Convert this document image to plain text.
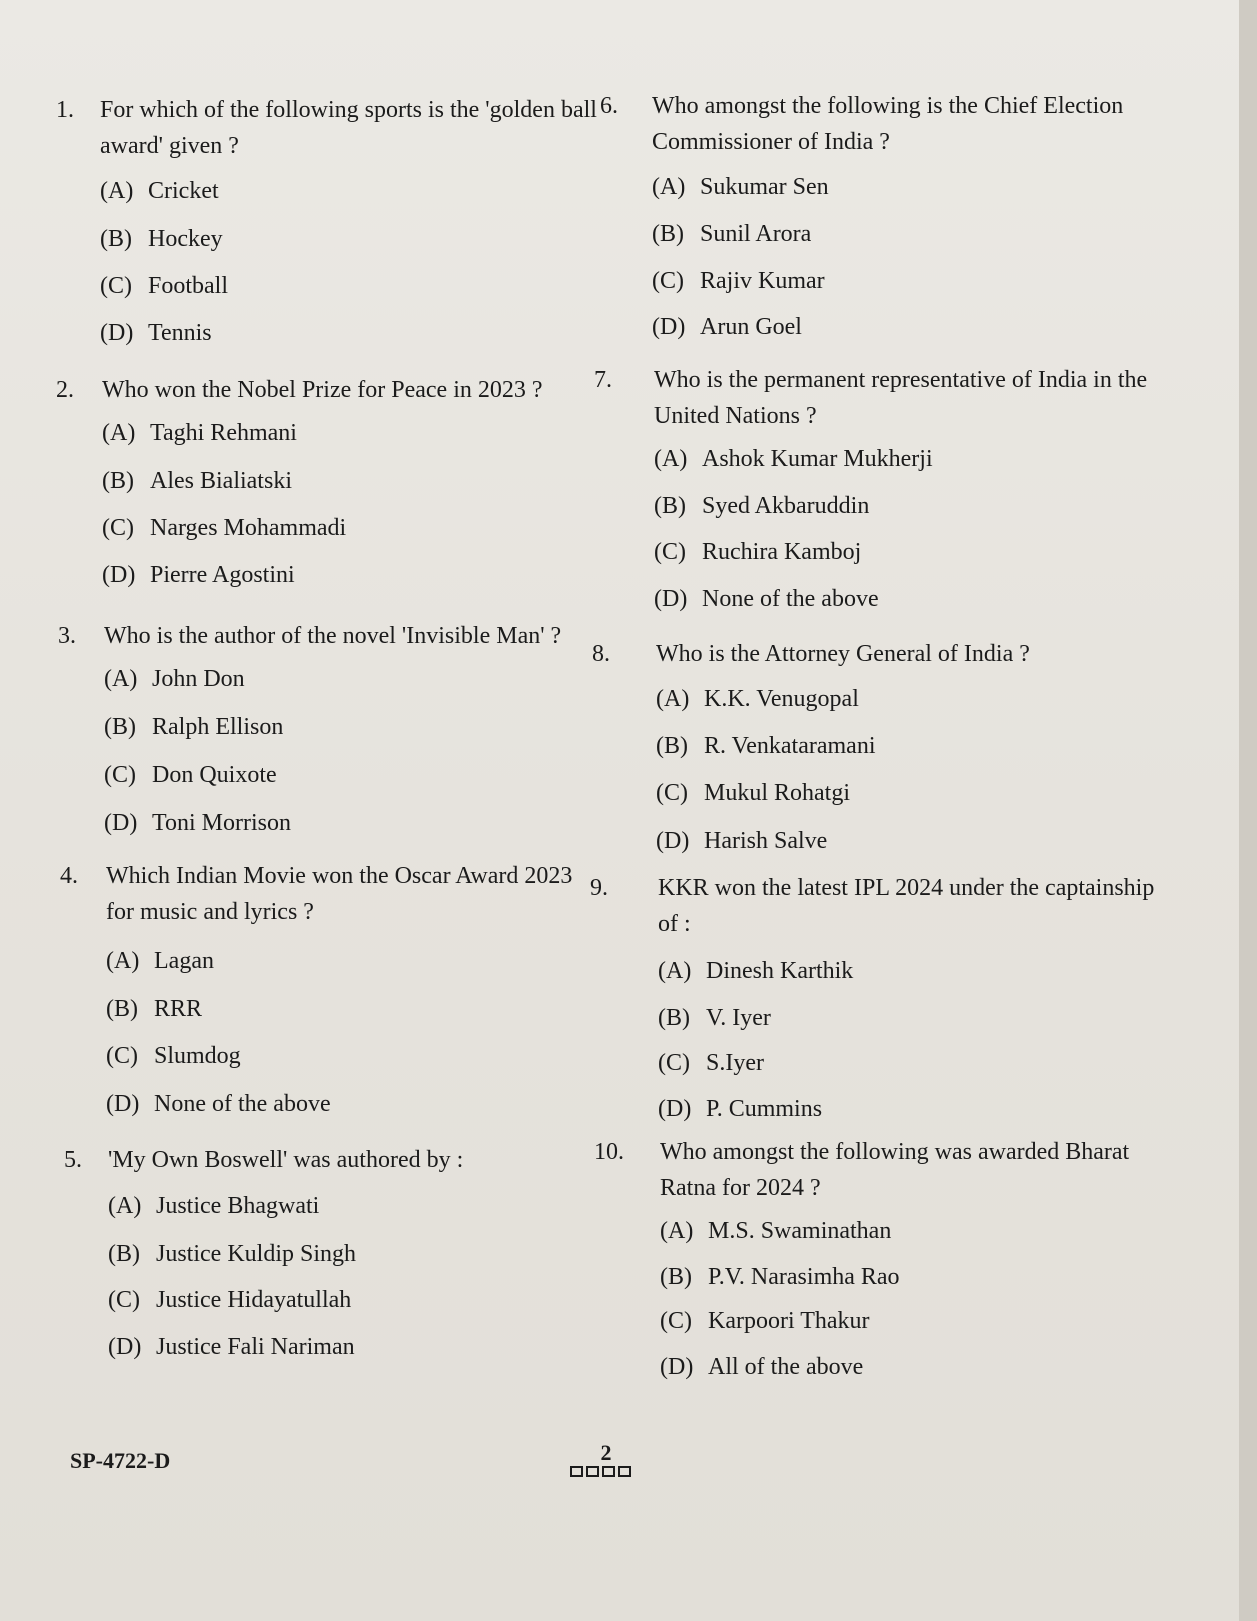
1. For which of the following sports is the 'golden ball award' given ?
(A) Cricket
(B) Hockey
(C) Football
(D) Tennis
2. Who won the Nobel Prize for Peace in 2023 ?
(A) Taghi Rehmani
(B) Ales Bialiatski
(C) Narges Mohammadi
(D) Pierre Agostini
3. Who is the author of the novel 'Invisible Man' ?
(A) John Don
(B) Ralph Ellison
(C) Don Quixote
(D) Toni Morrison
4. Which Indian Movie won the Oscar Award 2023 for music and lyrics ?
(A) Lagan
(B) RRR
(C) Slumdog
(D) None of the above
5. 'My Own Boswell' was authored by :
(A) Justice Bhagwati
(B) Justice Kuldip Singh
(C) Justice Hidayatullah
(D) Justice Fali Nariman
6. Who amongst the following is the Chief Election Commissioner of India ?
(A) Sukumar Sen
(B) Sunil Arora
(C) Rajiv Kumar
(D) Arun Goel
7. Who is the permanent representative of India in the United Nations ?
(A) Ashok Kumar Mukherji
(B) Syed Akbaruddin
(C) Ruchira Kamboj
(D) None of the above
8. Who is the Attorney General of India ?
(A) K.K. Venugopal
(B) R. Venkataramani
(C) Mukul Rohatgi
(D) Harish Salve
9. KKR won the latest IPL 2024 under the captainship of :
(A) Dinesh Karthik
(B) V. Iyer
(C) S.Iyer
(D) P. Cummins
10. Who amongst the following was awarded Bharat Ratna for 2024 ?
(A) M.S. Swaminathan
(B) P.V. Narasimha Rao
(C) Karpoori Thakur
(D) All of the above
SP-4722-D	2
